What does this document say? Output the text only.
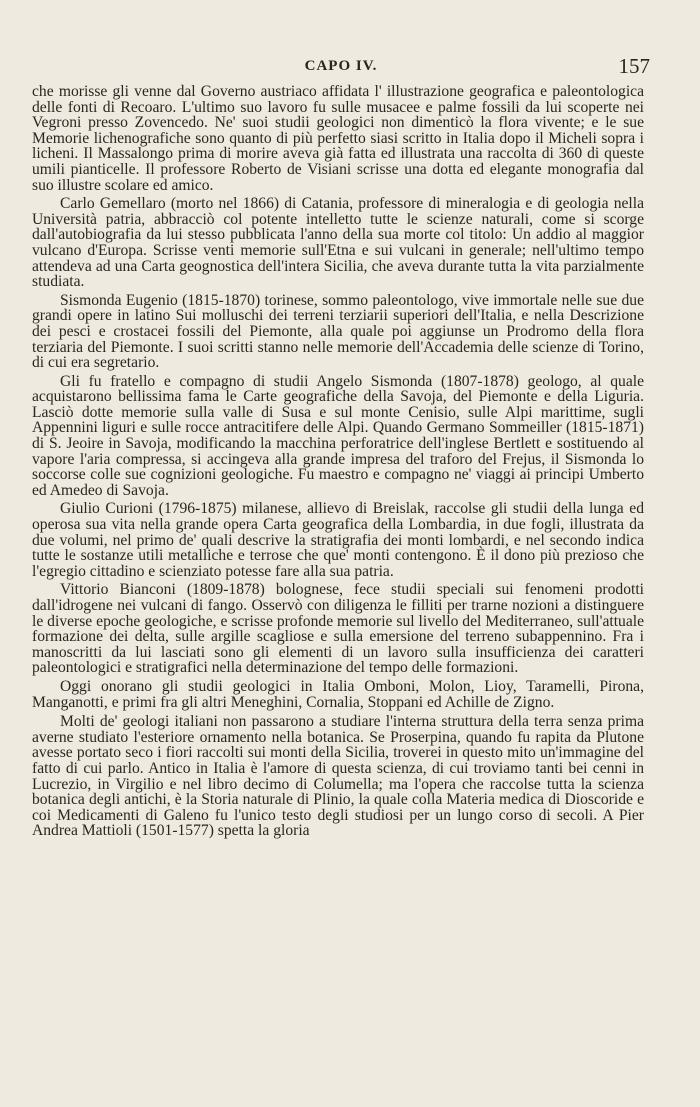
CAPO IV.	157

che morisse gli venne dal Governo austriaco affidata l' illustrazione geografica e paleontologica delle fonti di Recoaro. L'ultimo suo lavoro fu sulle musacee e palme fossili da lui scoperte nei Vegroni presso Zovencedo. Ne' suoi studii geologici non dimenticò la flora vivente; e le sue Memorie lichenografiche sono quanto di più perfetto siasi scritto in Italia dopo il Micheli sopra i licheni. Il Massalongo prima di morire aveva già fatta ed illustrata una raccolta di 360 di queste umili pianticelle. Il professore Roberto de Visiani scrisse una dotta ed elegante monografia dal suo illustre scolare ed amico.

Carlo Gemellaro (morto nel 1866) di Catania, professore di mineralogia e di geologia nella Università patria, abbracciò col potente intelletto tutte le scienze naturali, come si scorge dall'autobiografia da lui stesso pubblicata l'anno della sua morte col titolo: Un addio al maggior vulcano d'Europa. Scrisse venti memorie sull'Etna e sui vulcani in generale; nell'ultimo tempo attendeva ad una Carta geognostica dell'intera Sicilia, che aveva durante tutta la vita parzialmente studiata.

Sismonda Eugenio (1815-1870) torinese, sommo paleontologo, vive immortale nelle sue due grandi opere in latino Sui molluschi dei terreni terziarii superiori dell'Italia, e nella Descrizione dei pesci e crostacei fossili del Piemonte, alla quale poi aggiunse un Prodromo della flora terziaria del Piemonte. I suoi scritti stanno nelle memorie dell'Accademia delle scienze di Torino, di cui era segretario.

Gli fu fratello e compagno di studii Angelo Sismonda (1807-1878) geologo, al quale acquistarono bellissima fama le Carte geografiche della Savoja, del Piemonte e della Liguria. Lasciò dotte memorie sulla valle di Susa e sul monte Cenisio, sulle Alpi marittime, sugli Appennini liguri e sulle rocce antracitifere delle Alpi. Quando Germano Sommeiller (1815-1871) di S. Jeoire in Savoja, modificando la macchina perforatrice dell'inglese Bertlett e sostituendo al vapore l'aria compressa, si accingeva alla grande impresa del traforo del Frejus, il Sismonda lo soccorse colle sue cognizioni geologiche. Fu maestro e compagno ne' viaggi ai principi Umberto ed Amedeo di Savoja.

Giulio Curioni (1796-1875) milanese, allievo di Breislak, raccolse gli studii della lunga ed operosa sua vita nella grande opera Carta geografica della Lombardia, in due fogli, illustrata da due volumi, nel primo de' quali descrive la stratigrafia dei monti lombardi, e nel secondo indica tutte le sostanze utili metalliche e terrose che que' monti contengono. È il dono più prezioso che l'egregio cittadino e scienziato potesse fare alla sua patria.

Vittorio Bianconi (1809-1878) bolognese, fece studii speciali sui fenomeni prodotti dall'idrogene nei vulcani di fango. Osservò con diligenza le filliti per trarne nozioni a distinguere le diverse epoche geologiche, e scrisse profonde memorie sul livello del Mediterraneo, sull'attuale formazione dei delta, sulle argille scagliose e sulla emersione del terreno subappennino. Fra i manoscritti da lui lasciati sono gli elementi di un lavoro sulla insufficienza dei caratteri paleontologici e stratigrafici nella determinazione del tempo delle formazioni.

Oggi onorano gli studii geologici in Italia Omboni, Molon, Lioy, Taramelli, Pirona, Manganotti, e primi fra gli altri Meneghini, Cornalia, Stoppani ed Achille de Zigno.

Molti de' geologi italiani non passarono a studiare l'interna struttura della terra senza prima averne studiato l'esteriore ornamento nella botanica. Se Proserpina, quando fu rapita da Plutone avesse portato seco i fiori raccolti sui monti della Sicilia, troverei in questo mito un'immagine del fatto di cui parlo. Antico in Italia è l'amore di questa scienza, di cui troviamo tanti bei cenni in Lucrezio, in Virgilio e nel libro decimo di Columella; ma l'opera che raccolse tutta la scienza botanica degli antichi, è la Storia naturale di Plinio, la quale colla Materia medica di Dioscoride e coi Medicamenti di Galeno fu l'unico testo degli studiosi per un lungo corso di secoli. A Pier Andrea Mattioli (1501-1577) spetta la gloria
